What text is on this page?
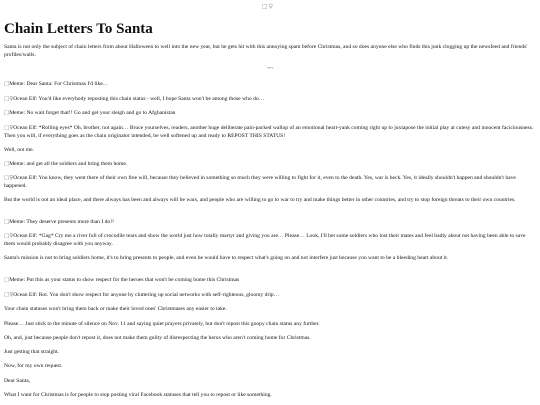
□♀
Chain Letters To Santa

Santa is not only the subject of chain letters from about Halloween to well into the new year, but he gets hit with this annoying spam before Christmas, and so does anyone else who finds this junk clogging up the newsfeed and friends' profiles/walls.

~~

□Meme: Dear Santa: For Christmas I'd like...

□♀Ocean Elf: You'd like everybody reposting this chain status - well, I hope Santa won't be among those who do…

□Meme: No wait forget that!! Go and get your sleigh and go to Afghanistan

□♀Ocean Elf: *Rolling eyes* Oh, brother, not again… Bruce yourselves, readers, another huge deliberate pain-packed wallop of an emotional heart-yank coming right up to juxtapose the initial play at cutesy and innocent faciciousness. Then you will, if everything goes as the chain originator intended, be well softened up and ready to REPOST THIS STATUS!

Well, not me.

□Meme: and get all the soldiers and bring them home.

□♀Ocean Elf: You know, they went there of their own free will, because they believed in something so much they were willing to fight for it, even to the death. Yes, war is heck. Yes, it ideally shouldn't happen and shouldn't have happened.

But the world is not an ideal place, and there always has been and always will be wars, and people who are willing to go to war to try and make things better in other countries, and try to stop foreign threats to their own countries.

□Meme: They deserve presents more than I do!!

□♀Ocean Elf: *Gag* Cry me a river full of crocodile tears and show the world just how totally martyr and giving you are… Please… Look, I'll bet some soldiers who lost their mates and feel badly about not having been able to save them would probably disagree with you anyway.

Santa's mission is not to bring soldiers home, it's to bring presents to people, and even he would have to respect what's going on and not interfere just because you want to be a bleeding heart about it.

□Meme: Put this as your status to show respect for the heroes that won't be coming home this Christmas

□♀Ocean Elf: Rot. You don't show respect for anyone by cluttering up social networks with self-righteous, gloomy drip…

Your chain statuses won't bring them back or make their loved ones' Christmases any easier to take.

Please… Just stick to the minute of silence on Nov. 11 and saying quiet prayers privately, but don't repost this goopy chain status any further.

Oh, and, just because people don't repost it, does not make them guilty of disrespecting the heros who aren't coming home for Christmas.

Just getting that straight.

Now, for my own request.

Dear Santa,

What I want for Christmas is for people to stop posting viral Facebook statuses that tell you to repost or like something.
